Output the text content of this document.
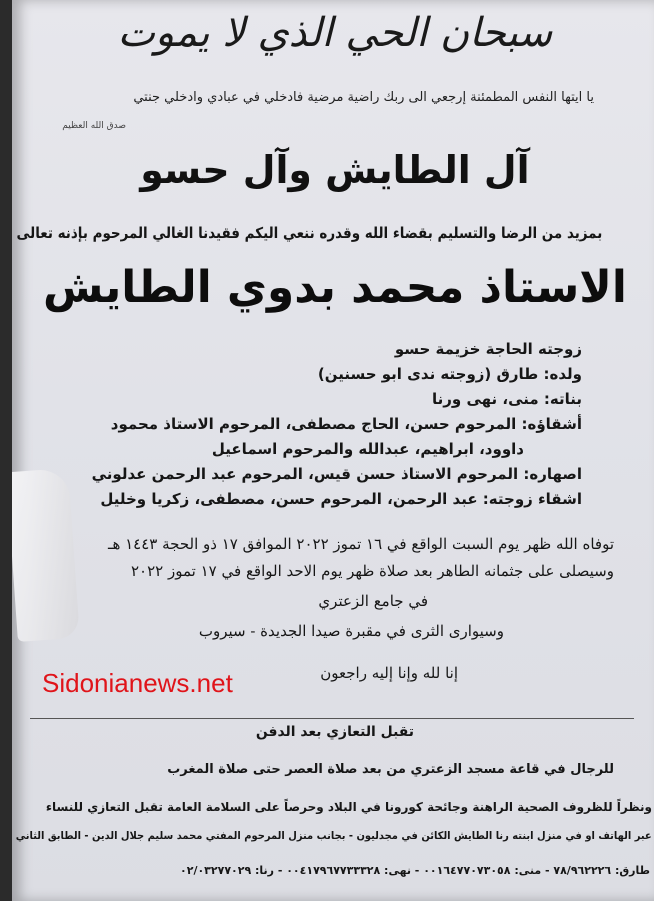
سبحان الحي الذي لا يموت
يا ايتها النفس المطمئنة إرجعي الى ربك راضية مرضية فادخلي في عبادي وادخلي جنتي
صدق الله العظيم
آل الطايش وآل حسو
بمزيد من الرضا والتسليم بقضاء الله وقدره ننعي اليكم فقيدنا الغالي المرحوم بإذنه تعالى
الاستاذ محمد بدوي الطايش
زوجته الحاجة خزيمة حسو
ولده: طارق (زوجته ندى ابو حسنين)
بناته: منى، نهى ورنا
أشقاؤه: المرحوم حسن، الحاج مصطفى، المرحوم الاستاذ محمود
داوود، ابراهيم، عبدالله والمرحوم اسماعيل
اصهاره: المرحوم الاستاذ حسن قيس، المرحوم عبد الرحمن عدلوني
اشقاء زوجته: عبد الرحمن، المرحوم حسن، مصطفى، زكريا وخليل
توفاه الله ظهر يوم السبت الواقع في ١٦ تموز ٢٠٢٢ الموافق ١٧ ذو الحجة ١٤٤٣ هـ
وسيصلى على جثمانه الطاهر بعد صلاة ظهر يوم الاحد الواقع في ١٧ تموز ٢٠٢٢
في جامع الزعتري
وسيوارى الثرى في مقبرة صيدا الجديدة - سيروب
إنا لله وإنا إليه راجعون
تقبل التعازي بعد الدفن
للرجال في قاعة مسجد الزعتري من بعد صلاة العصر حتى صلاة المغرب
ونظراً للظروف الصحية الراهنة وجائحة كورونا في البلاد وحرصاً على السلامة العامة تقبل التعازي للنساء
عبر الهاتف او في منزل ابنته رنا الطايش الكائن في مجدليون - بجانب منزل المرحوم المفتي محمد سليم جلال الدين - الطابق الثاني
طارق: ٧٨/٩٦٢٢٢٦ - منى: ٠٠١٦٤٧٧٠٧٣٠٥٨ - نهى: ٠٠٤١٧٩٦٧٧٣٣٣٢٨ - رنا: ٠٢/٠٣٢٧٧٠٢٩
Sidonianews.net
